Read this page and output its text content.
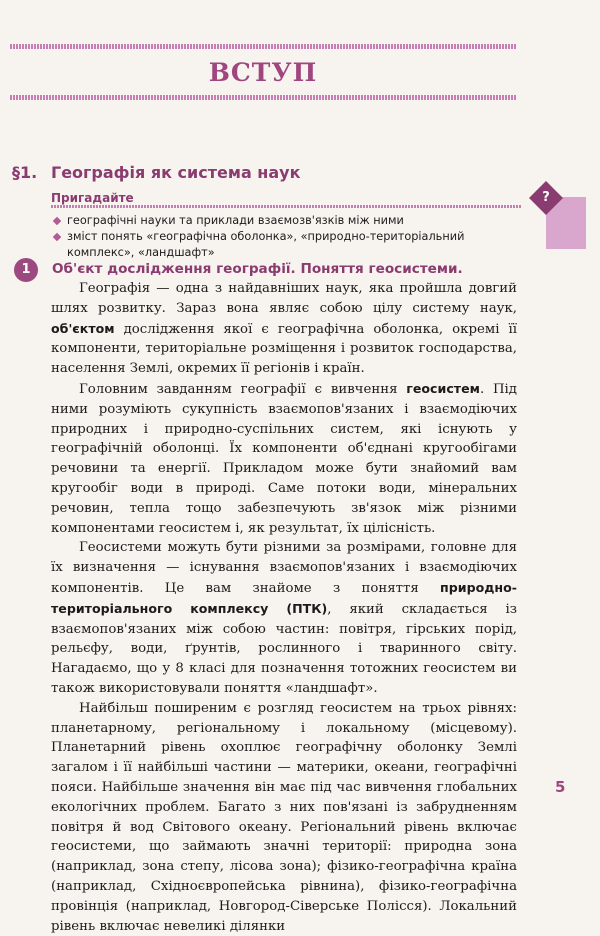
ВСТУП
§1. Географія як система наук
Пригадайте
географічні науки та приклади взаємозв'язків між ними
зміст понять «географічна оболонка», «природно-територіальний комплекс», «ландшафт»
?
1	Об'єкт дослідження географії. Поняття геосистеми.

Географія — одна з найдавніших наук, яка пройшла довгий шлях розвитку. Зараз вона являє собою цілу систему наук, об'єктом дослідження якої є географічна оболонка, окремі її компоненти, територіальне розміщення і розвиток господарства, населення Землі, окремих її регіонів і країн.

Головним завданням географії є вивчення геосистем. Під ними розуміють сукупність взаємопов'язаних і взаємодіючих природних і природно-суспільних систем, які існують у географічній оболонці. Їх компоненти об'єднані кругообігами речовини та енергії. Прикладом може бути знайомий вам кругообіг води в природі. Саме потоки води, мінеральних речовин, тепла тощо забезпечують зв'язок між різними компонентами геосистем і, як результат, їх цілісність.

Геосистеми можуть бути різними за розмірами, головне для їх визначення — існування взаємопов'язаних і взаємодіючих компонентів. Це вам знайоме з поняття природно-територіального комплексу (ПТК), який складається із взаємопов'язаних між собою частин: повітря, гірських порід, рельєфу, води, ґрунтів, рослинного і тваринного світу. Нагадаємо, що у 8 класі для позначення тотожних геосистем ви також використовували поняття «ландшафт».

Найбільш поширеним є розгляд геосистем на трьох рівнях: планетарному, регіональному і локальному (місцевому). Планетарний рівень охоплює географічну оболонку Землі загалом і її найбільші частини — материки, океани, географічні пояси. Найбільше значення він має під час вивчення глобальних екологічних проблем. Багато з них пов'язані із забрудненням повітря й вод Світового океану. Регіональний рівень включає геосистеми, що займають значні території: природна зона (наприклад, зона степу, лісова зона); фізико-географічна країна (наприклад, Східноєвропейська рівнина), фізико-географічна провінція (наприклад, Новгород-Сіверське Полісся). Локальний рівень включає невеликі ділянки

5
